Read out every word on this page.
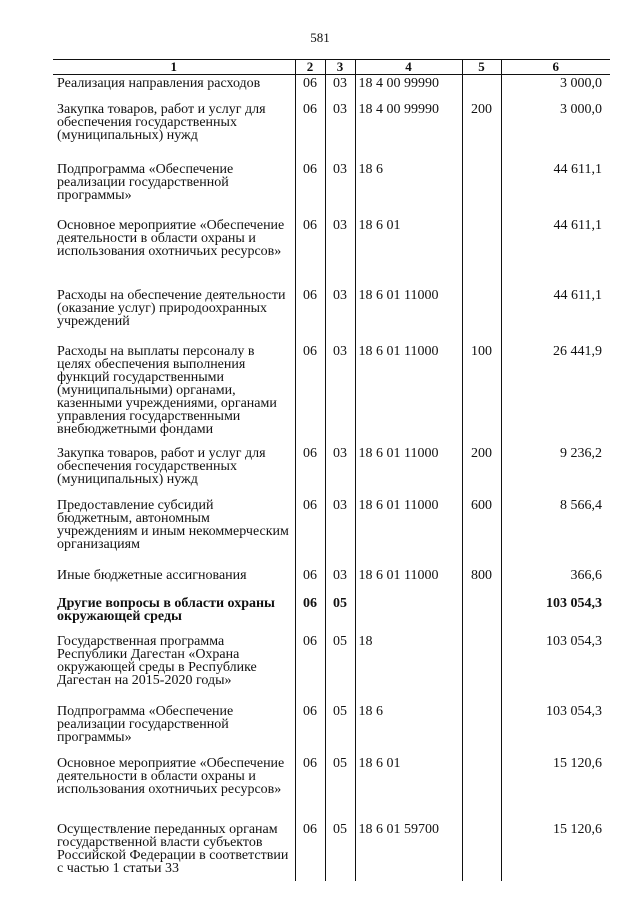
581
1	2	3	4	5	6
Реализация направления расходов	06	03	18 4 00 99990		3 000,0
Закупка товаров, работ и услуг для обеспечения государственных (муниципальных) нужд	06	03	18 4 00 99990	200	3 000,0
Подпрограмма «Обеспечение реализации государственной программы»	06	03	18 6		44 611,1
Основное мероприятие «Обеспечение деятельности в области охраны и использования охотничьих ресурсов»	06	03	18 6 01		44 611,1
Расходы на обеспечение деятельности (оказание услуг) природоохранных учреждений	06	03	18 6 01 11000		44 611,1
Расходы на выплаты персоналу в целях обеспечения выполнения функций государственными (муниципальными) органами, казенными учреждениями, органами управления государственными внебюджетными фондами	06	03	18 6 01 11000	100	26 441,9
Закупка товаров, работ и услуг для обеспечения государственных (муниципальных) нужд	06	03	18 6 01 11000	200	9 236,2
Предоставление субсидий бюджетным, автономным учреждениям и иным некоммерческим организациям	06	03	18 6 01 11000	600	8 566,4
Иные бюджетные ассигнования	06	03	18 6 01 11000	800	366,6
Другие вопросы в области охраны окружающей среды	06	05			103 054,3
Государственная программа Республики Дагестан «Охрана окружающей среды в Республике Дагестан на 2015-2020 годы»	06	05	18		103 054,3
Подпрограмма «Обеспечение реализации государственной программы»	06	05	18 6		103 054,3
Основное мероприятие «Обеспечение деятельности в области охраны и использования охотничьих ресурсов»	06	05	18 6 01		15 120,6
Осуществление переданных органам государственной власти субъектов Российской Федерации в соответствии с частью 1 статьи 33	06	05	18 6 01 59700		15 120,6
